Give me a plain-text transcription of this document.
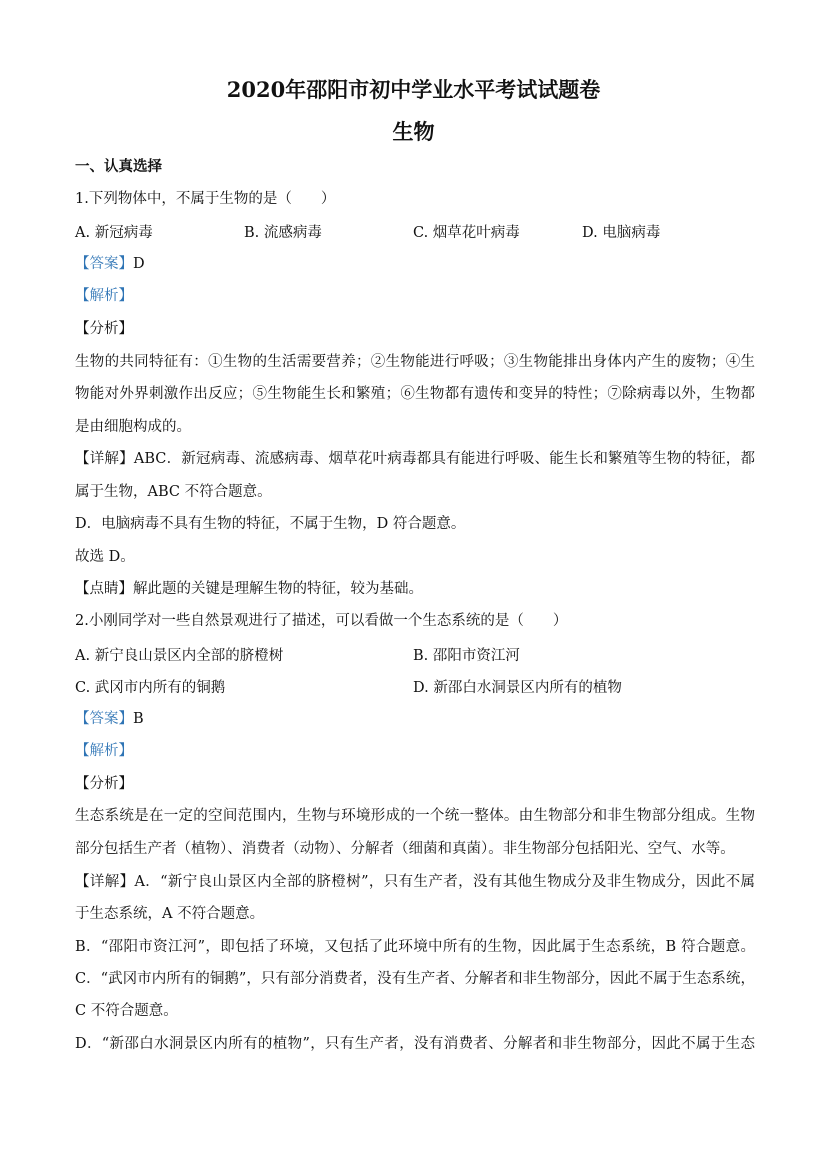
2020年邵阳市初中学业水平考试试题卷
生物
一、认真选择
1.下列物体中，不属于生物的是（　　）
A. 新冠病毒	B. 流感病毒	C. 烟草花叶病毒	D. 电脑病毒
【答案】D
【解析】
【分析】
生物的共同特征有：①生物的生活需要营养；②生物能进行呼吸；③生物能排出身体内产生的废物；④生
物能对外界刺激作出反应；⑤生物能生长和繁殖；⑥生物都有遗传和变异的特性；⑦除病毒以外，生物都
是由细胞构成的。
【详解】ABC．新冠病毒、流感病毒、烟草花叶病毒都具有能进行呼吸、能生长和繁殖等生物的特征，都
属于生物，ABC 不符合题意。
D．电脑病毒不具有生物的特征，不属于生物，D 符合题意。
故选 D。
【点睛】解此题的关键是理解生物的特征，较为基础。
2.小刚同学对一些自然景观进行了描述，可以看做一个生态系统的是（　　）
A. 新宁良山景区内全部的脐橙树	B. 邵阳市资江河
C. 武冈市内所有的铜鹅	D. 新邵白水洞景区内所有的植物
【答案】B
【解析】
【分析】
生态系统是在一定的空间范围内，生物与环境形成的一个统一整体。由生物部分和非生物部分组成。生物
部分包括生产者（植物）、消费者（动物）、分解者（细菌和真菌）。非生物部分包括阳光、空气、水等。
【详解】A．“新宁良山景区内全部的脐橙树”，只有生产者，没有其他生物成分及非生物成分，因此不属
于生态系统，A 不符合题意。
B．“邵阳市资江河”，即包括了环境，又包括了此环境中所有的生物，因此属于生态系统，B 符合题意。
C．“武冈市内所有的铜鹅”，只有部分消费者，没有生产者、分解者和非生物部分，因此不属于生态系统，
C 不符合题意。
D．“新邵白水洞景区内所有的植物”，只有生产者，没有消费者、分解者和非生物部分，因此不属于生态
